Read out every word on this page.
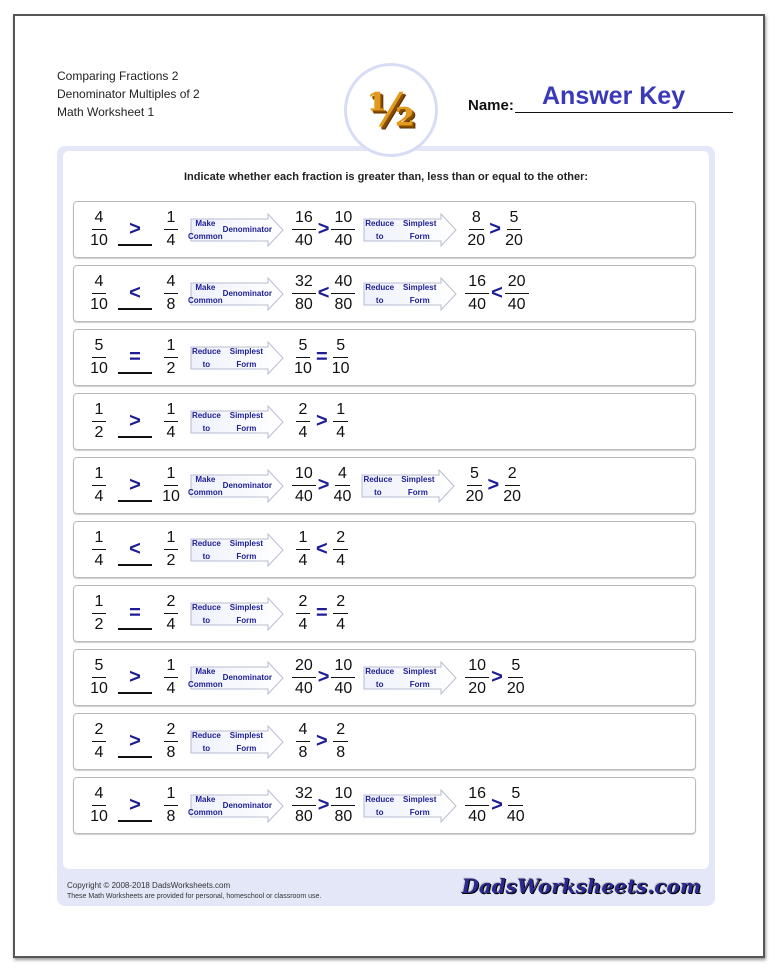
Comparing Fractions 2
Denominator Multiples of 2
Math Worksheet 1	Name: Answer Key
Indicate whether each fraction is greater than, less than or equal to the other:
$\frac{4}{10} > \frac{1}{4}$	Make Common
Denominator $\frac{16}{40} > \frac{10}{40}$ Reduce to
Simplest Form	$\frac{8}{20} > \frac{5}{20}$
$\frac{4}{10} < \frac{4}{8}$	Make Common
Denominator $\frac{32}{80} < \frac{40}{80}$ Reduce to
Simplest Form	$\frac{16}{40} < \frac{20}{40}$
$\frac{5}{10} = \frac{1}{2}$ Reduce to
Simplest Form	$\frac{5}{10} = \frac{5}{10}$
$\frac{1}{2} > \frac{1}{4}$ Reduce to
Simplest Form	$\frac{2}{4} > \frac{1}{4}$
$\frac{1}{4} > \frac{1}{10}$	Make Common
Denominator $\frac{10}{40} > \frac{4}{40}$ Reduce to
Simplest Form	$\frac{5}{20} > \frac{2}{20}$
$\frac{1}{4} < \frac{1}{2}$ Reduce to
Simplest Form	$\frac{1}{4} < \frac{2}{4}$
$\frac{1}{2} = \frac{2}{4}$ Reduce to
Simplest Form	$\frac{2}{4} = \frac{2}{4}$
$\frac{5}{10} > \frac{1}{4}$	Make Common
Denominator $\frac{20}{40} > \frac{10}{40}$ Reduce to
Simplest Form	$\frac{10}{20} > \frac{5}{20}$
$\frac{2}{4} > \frac{2}{8}$ Reduce to
Simplest Form	$\frac{4}{8} > \frac{2}{8}$
$\frac{4}{10} > \frac{1}{8}$	Make Common
Denominator $\frac{32}{80} > \frac{10}{80}$ Reduce to
Simplest Form	$\frac{16}{40} > \frac{5}{40}$
Copyright © 2008-2018 DadsWorksheets.com
These Math Worksheets are provided for personal, homeschool or classroom use.	DadsWorksheets.com
½
